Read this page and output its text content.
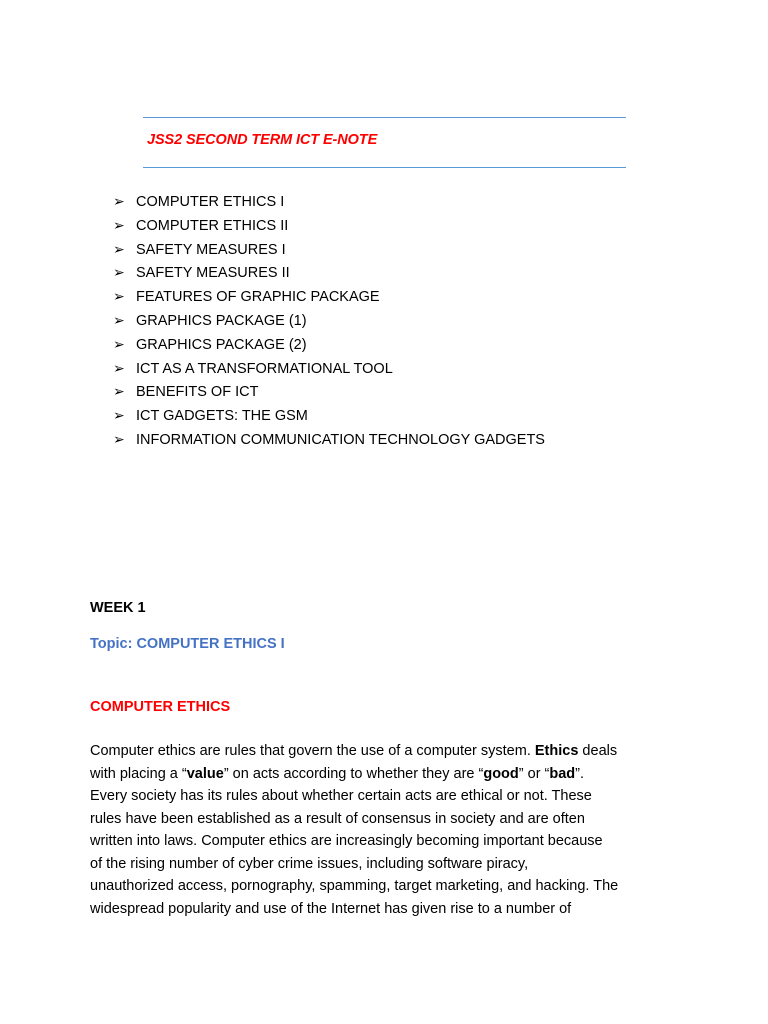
JSS2 SECOND TERM ICT E-NOTE
➢ COMPUTER ETHICS I
➢ COMPUTER ETHICS II
➢ SAFETY MEASURES I
➢ SAFETY MEASURES II
➢ FEATURES OF GRAPHIC PACKAGE
➢ GRAPHICS PACKAGE (1)
➢ GRAPHICS PACKAGE (2)
➢ ICT AS A TRANSFORMATIONAL TOOL
➢ BENEFITS OF ICT
➢ ICT GADGETS: THE GSM
➢ INFORMATION COMMUNICATION TECHNOLOGY GADGETS
WEEK 1
Topic: COMPUTER ETHICS I
COMPUTER ETHICS

Computer ethics are rules that govern the use of a computer system. Ethics deals
with placing a “value” on acts according to whether they are “good” or “bad”.
Every society has its rules about whether certain acts are ethical or not. These
rules have been established as a result of consensus in society and are often
written into laws. Computer ethics are increasingly becoming important because
of the rising number of cyber crime issues, including software piracy,
unauthorized access, pornography, spamming, target marketing, and hacking. The
widespread popularity and use of the Internet has given rise to a number of
